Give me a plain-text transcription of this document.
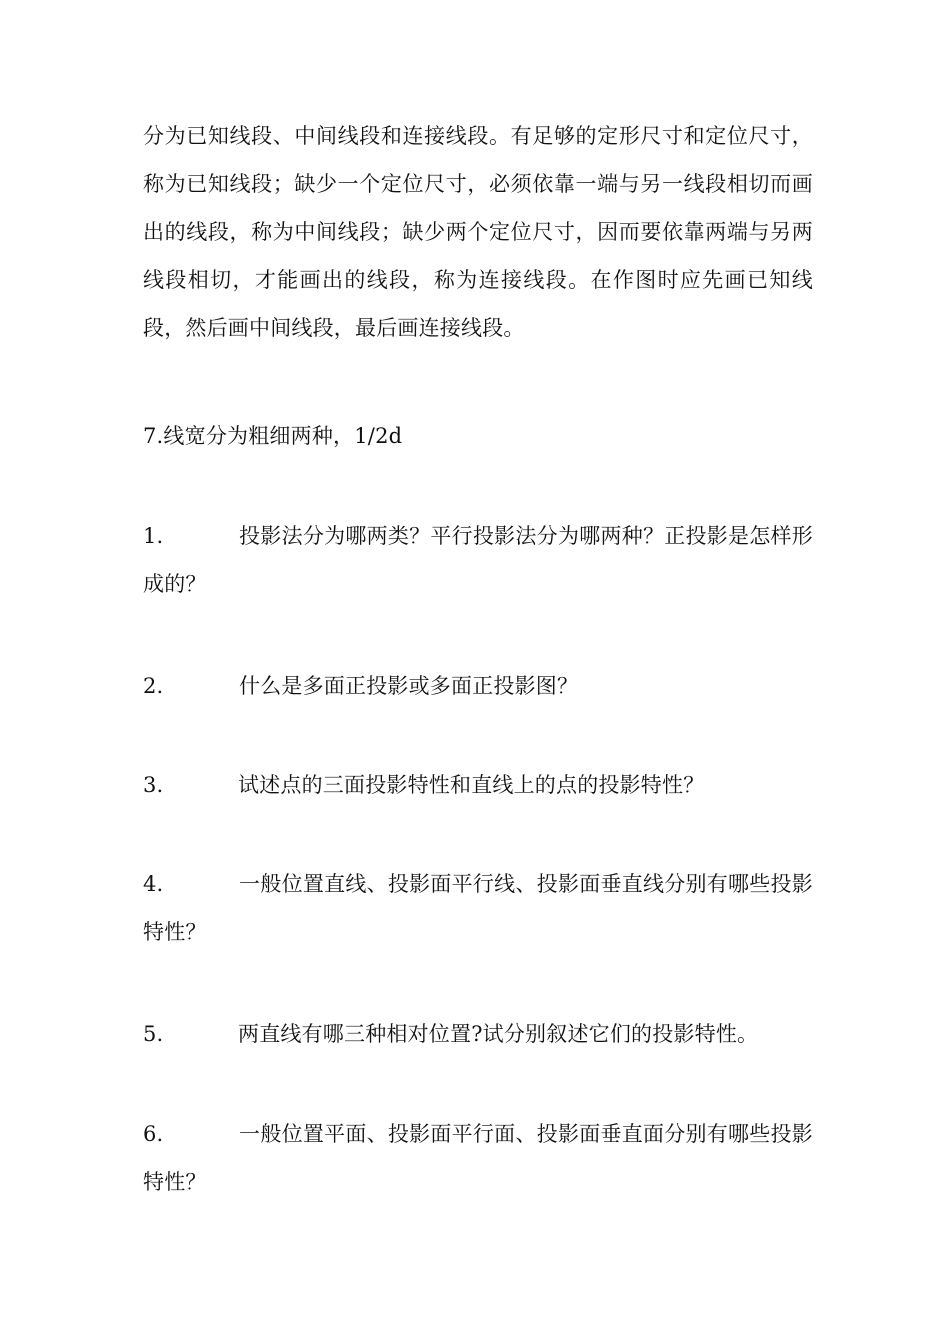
分为已知线段、中间线段和连接线段。有足够的定形尺寸和定位尺寸，称为已知线段；缺少一个定位尺寸，必须依靠一端与另一线段相切而画出的线段，称为中间线段；缺少两个定位尺寸，因而要依靠两端与另两线段相切，才能画出的线段，称为连接线段。在作图时应先画已知线段，然后画中间线段，最后画连接线段。

7.线宽分为粗细两种，1/2d

1.	投影法分为哪两类？平行投影法分为哪两种？正投影是怎样形成的？

2.	什么是多面正投影或多面正投影图？

3.	试述点的三面投影特性和直线上的点的投影特性？

4.	一般位置直线、投影面平行线、投影面垂直线分别有哪些投影特性？

5.	两直线有哪三种相对位置?试分别叙述它们的投影特性。

6.	一般位置平面、投影面平行面、投影面垂直面分别有哪些投影特性？
